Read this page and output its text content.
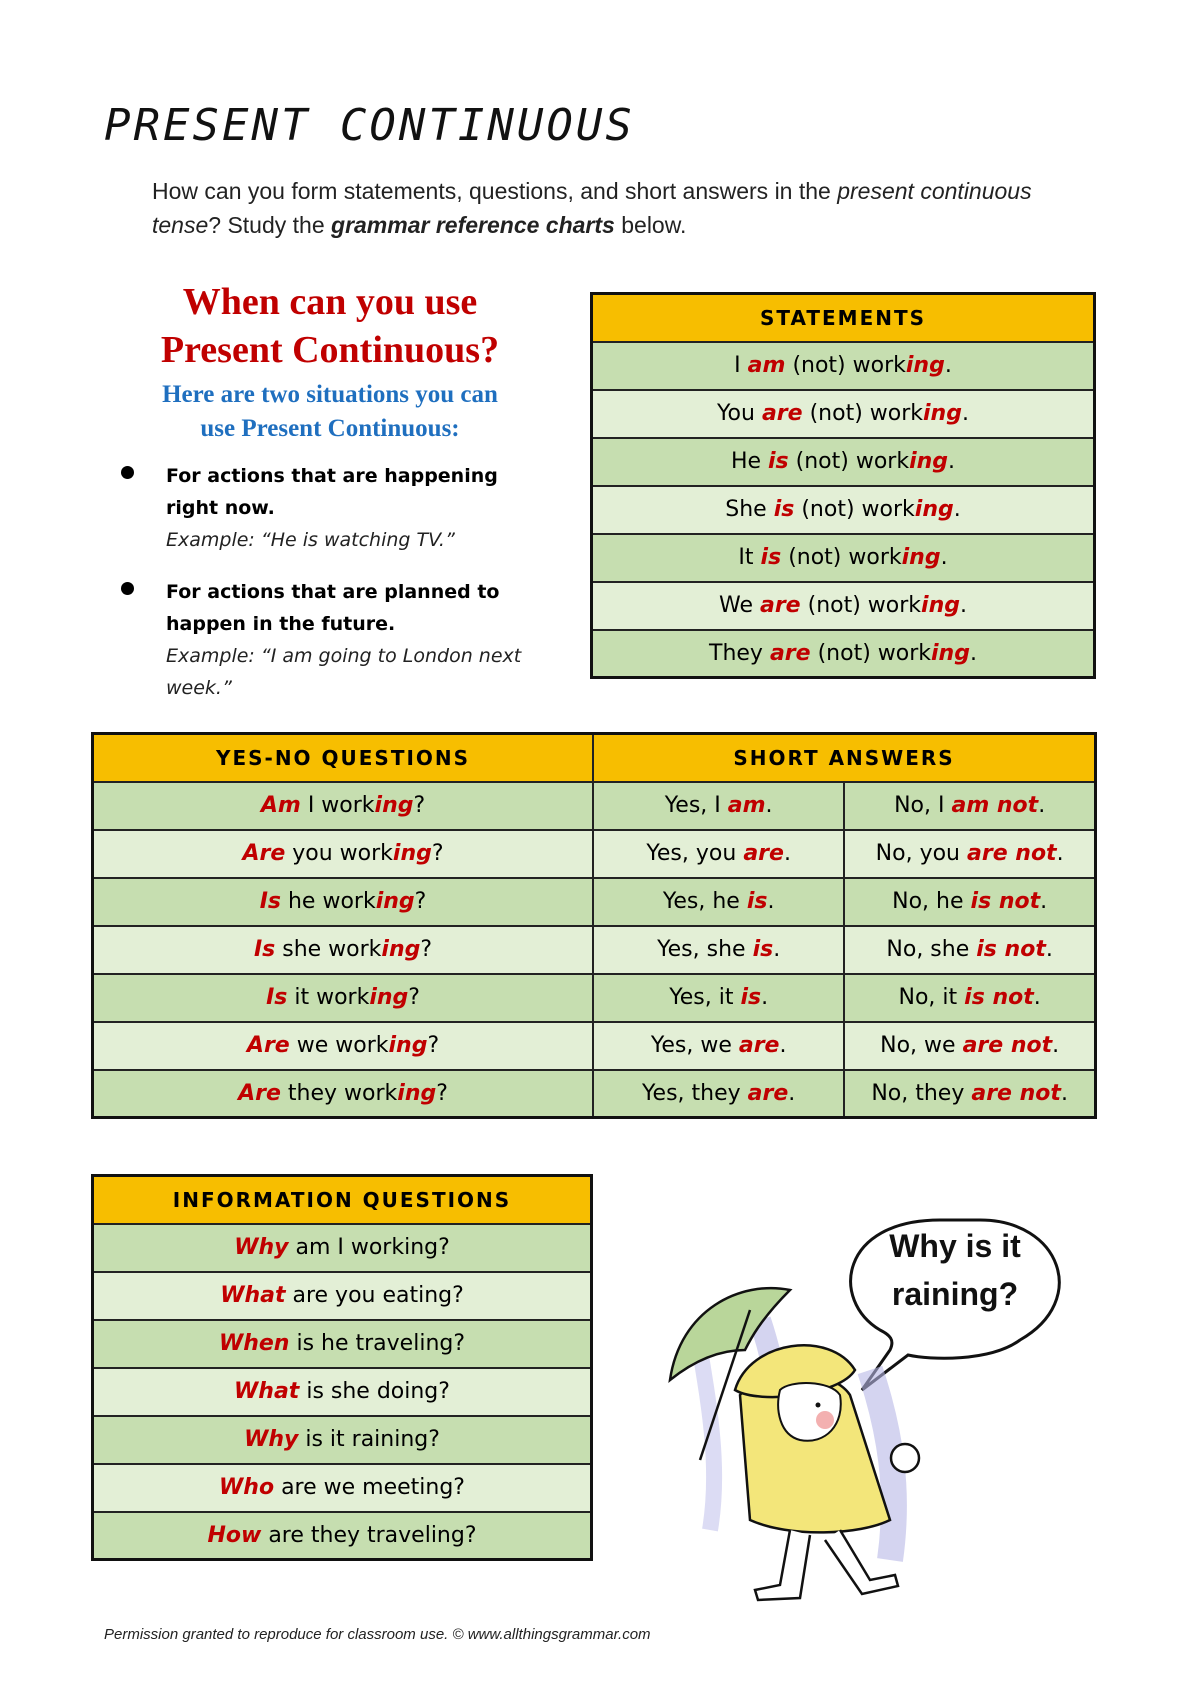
PRESENT CONTINUOUS
How can you form statements, questions, and short answers in the present continuous tense? Study the grammar reference charts below.
When can you use
Present Continuous?
Here are two situations you can
use Present Continuous:
For actions that are happening right now.
Example: “He is watching TV.”
For actions that are planned to happen in the future.
Example: “I am going to London next week.”
STATEMENTS
I am (not) working.
You are (not) working.
He is (not) working.
She is (not) working.
It is (not) working.
We are (not) working.
They are (not) working.
YES-NO QUESTIONS	SHORT ANSWERS	
Am I working?	Yes, I am.	No, I am not.
Are you working?	Yes, you are.	No, you are not.
Is he working?	Yes, he is.	No, he is not.
Is she working?	Yes, she is.	No, she is not.
Is it working?	Yes, it is.	No, it is not.
Are we working?	Yes, we are.	No, we are not.
Are they working?	Yes, they are.	No, they are not.
INFORMATION QUESTIONS
Why am I working?
What are you eating?
When is he traveling?
What is she doing?
Why is it raining?
Who are we meeting?
How are they traveling?
Why is it
raining?
Permission granted to reproduce for classroom use. © www.allthingsgrammar.com
